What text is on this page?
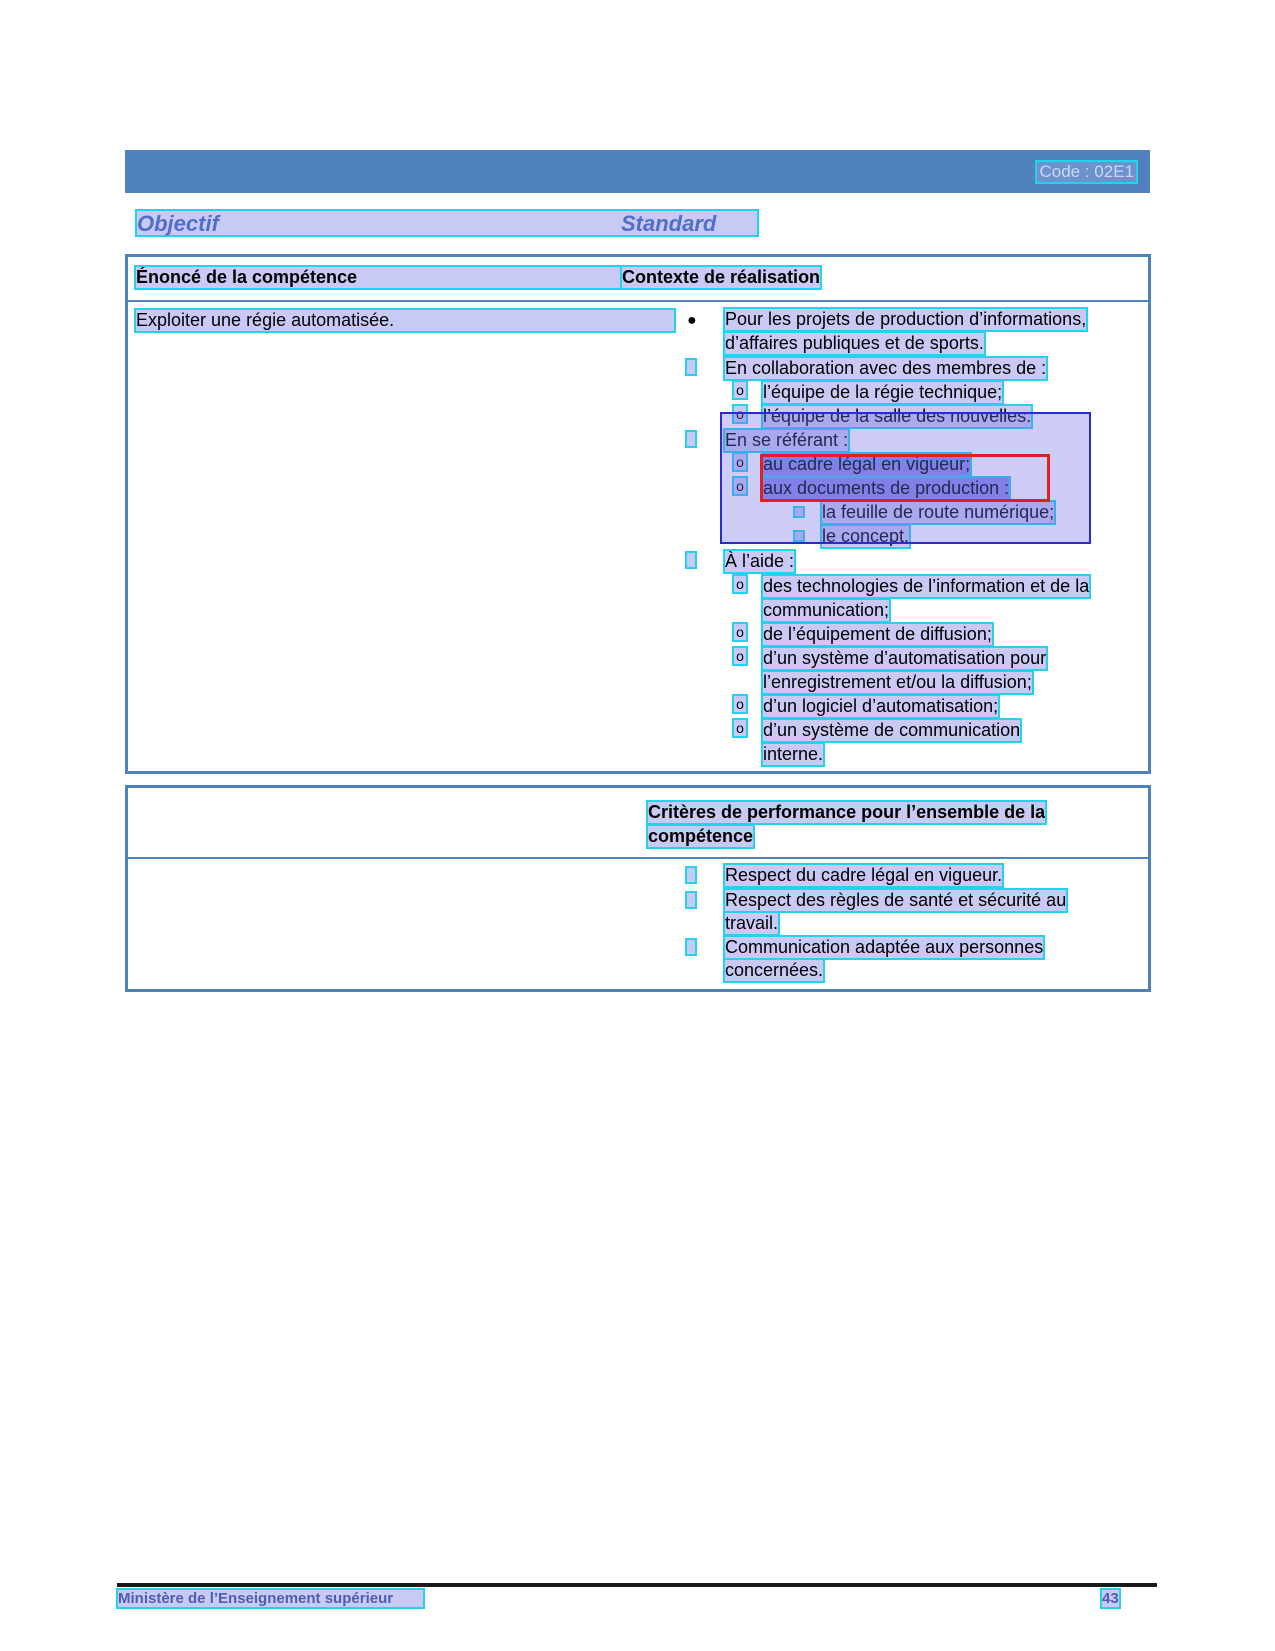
Code : 02E1
Objectif	Standard
Énoncé de la compétence	Contexte de réalisation
Exploiter une régie automatisée.	● Pour les projets de production d’informations,
d’affaires publiques et de sports.
En collaboration avec des membres de :
o l’équipe de la régie technique;
o l’équipe de la salle des nouvelles.
En se référant :
o au cadre légal en vigueur;
o aux documents de production :
la feuille de route numérique;
le concept.
À l’aide :
o des technologies de l’information et de la
communication;
o de l’équipement de diffusion;
o d’un système d’automatisation pour
l’enregistrement et/ou la diffusion;
o d’un logiciel d’automatisation;
o d’un système de communication
interne.
Critères de performance pour l’ensemble de la
compétence
Respect du cadre légal en vigueur.
Respect des règles de santé et sécurité au
travail.
Communication adaptée aux personnes
concernées.
Ministère de l’Enseignement supérieur	43
